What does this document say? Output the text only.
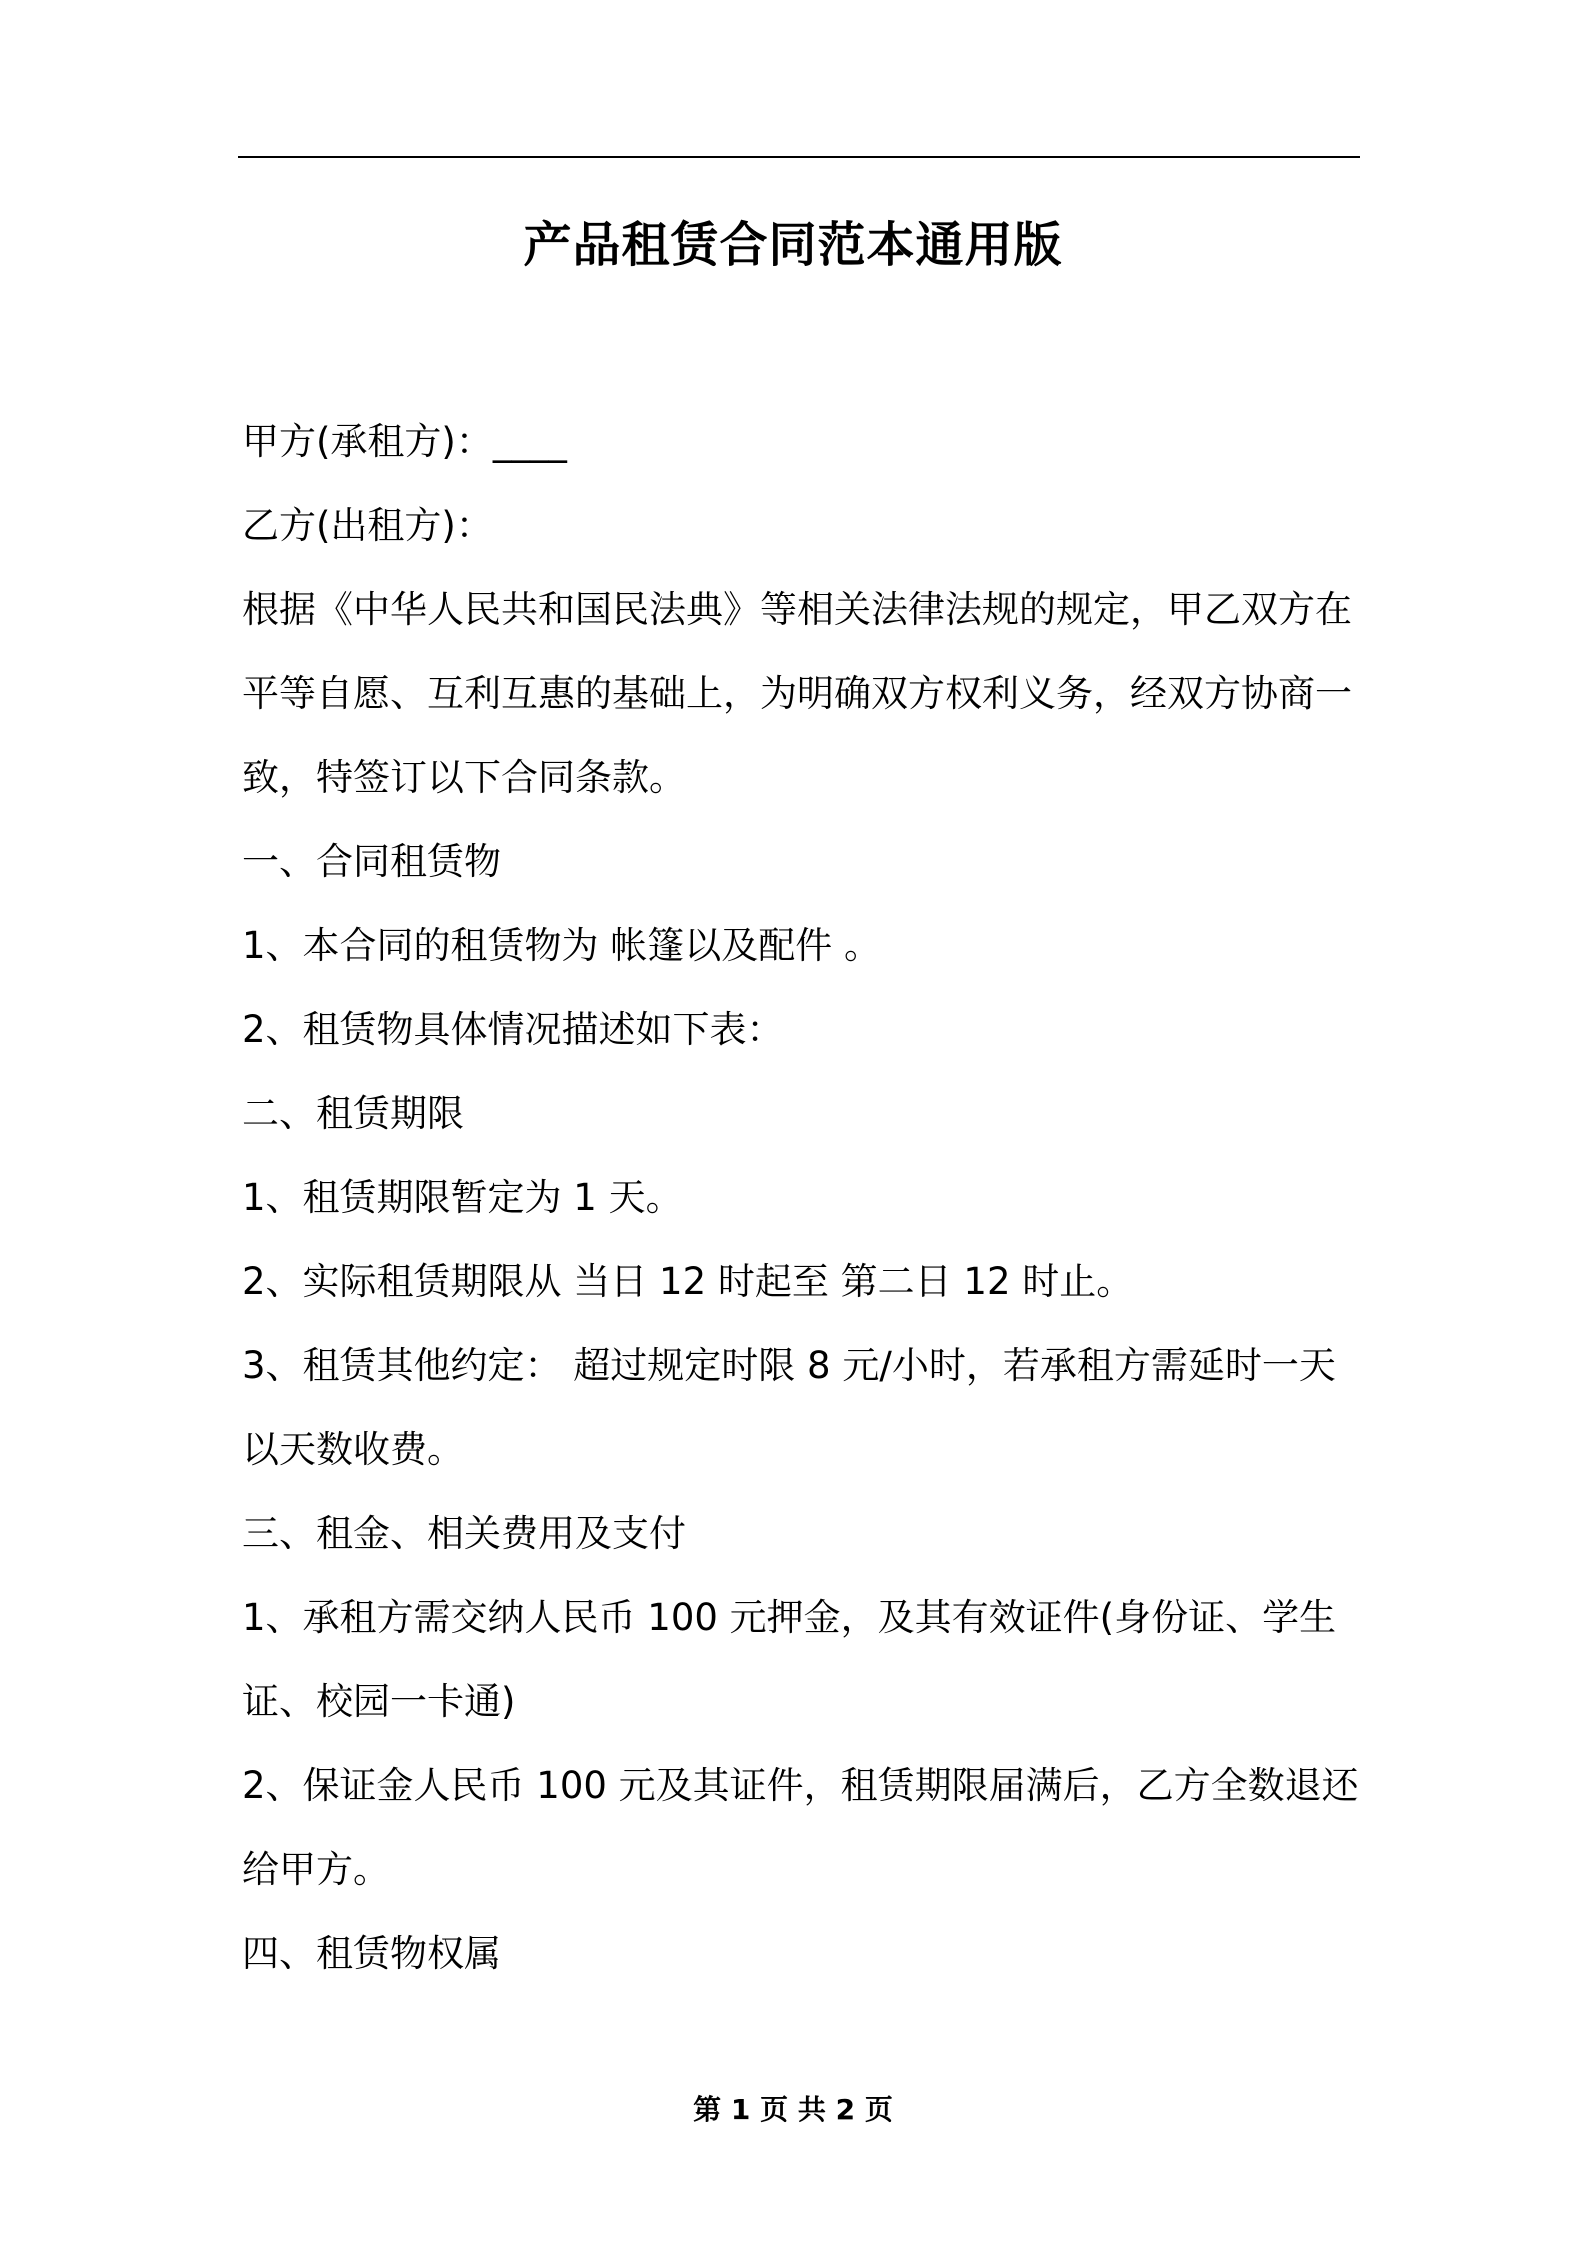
产品租赁合同范本通用版

甲方(承租方)：____

乙方(出租方)：

根据《中华人民共和国民法典》等相关法律法规的规定，甲乙双方在平等自愿、互利互惠的基础上，为明确双方权利义务，经双方协商一致，特签订以下合同条款。

一、合同租赁物

1、本合同的租赁物为 帐篷以及配件 。

2、租赁物具体情况描述如下表：

二、租赁期限

1、租赁期限暂定为 1 天。

2、实际租赁期限从 当日 12 时起至 第二日 12 时止。

3、租赁其他约定： 超过规定时限 8 元/小时，若承租方需延时一天以天数收费。

三、租金、相关费用及支付

1、承租方需交纳人民币 100 元押金，及其有效证件(身份证、学生证、校园一卡通)

2、保证金人民币 100 元及其证件，租赁期限届满后，乙方全数退还给甲方。

四、租赁物权属

第 1 页 共 2 页
